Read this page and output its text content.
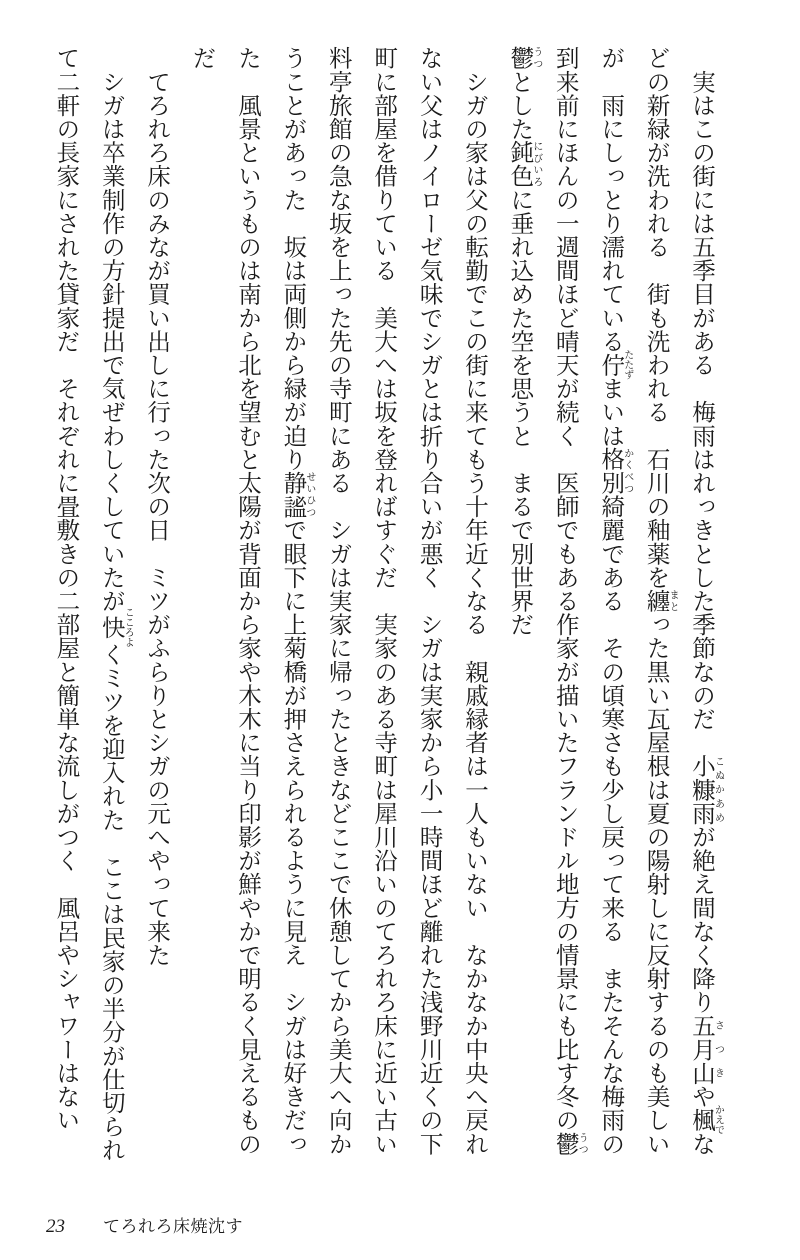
　実はこの街には五季目がある　梅雨はれっきとした季節なのだ　小糠雨こぬかあめが絶え間なく降り五月山さつきや楓かえでな
どの新緑が洗われる　街も洗われる　石川の釉薬を纏まとった黒い瓦屋根は夏の陽射しに反射するのも美しい
が　雨にしっとり濡れている佇たたずまいは格別かくべつ綺麗である　その頃寒さも少し戻って来る　またそんな梅雨の
到来前にほんの一週間ほど晴天が続く　医師でもある作家が描いたフランドル地方の情景にも比す冬の鬱うつ
鬱うつとした鈍色にびいろに垂れ込めた空を思うと　まるで別世界だ
　シガの家は父の転勤でこの街に来てもう十年近くなる　親戚縁者は一人もいない　なかなか中央へ戻れ
ない父はノイローゼ気味でシガとは折り合いが悪く　シガは実家から小一時間ほど離れた浅野川近くの下
町に部屋を借りている　美大へは坂を登ればすぐだ　実家のある寺町は犀川沿いのてろれろ床に近い古い
料亭旅館の急な坂を上った先の寺町にある　シガは実家に帰ったときなどここで休憩してから美大へ向か
うことがあった　坂は両側から緑が迫り静謐せいひつで眼下に上菊橋が押さえられるように見え　シガは好きだっ
た　風景というものは南から北を望むと太陽が背面から家や木木に当り印影が鮮やかで明るく見えるもの
だ
　てろれろ床のみなが買い出しに行った次の日　ミツがふらりとシガの元へやって来た
　シガは卒業制作の方針提出で気ぜわしくしていたが快こころよくミツを迎入れた　ここは民家の半分が仕切られ
て二軒の長家にされた貸家だ　それぞれに畳敷きの二部屋と簡単な流しがつく　風呂やシャワーはない
23 てろれろ床焼沈す
